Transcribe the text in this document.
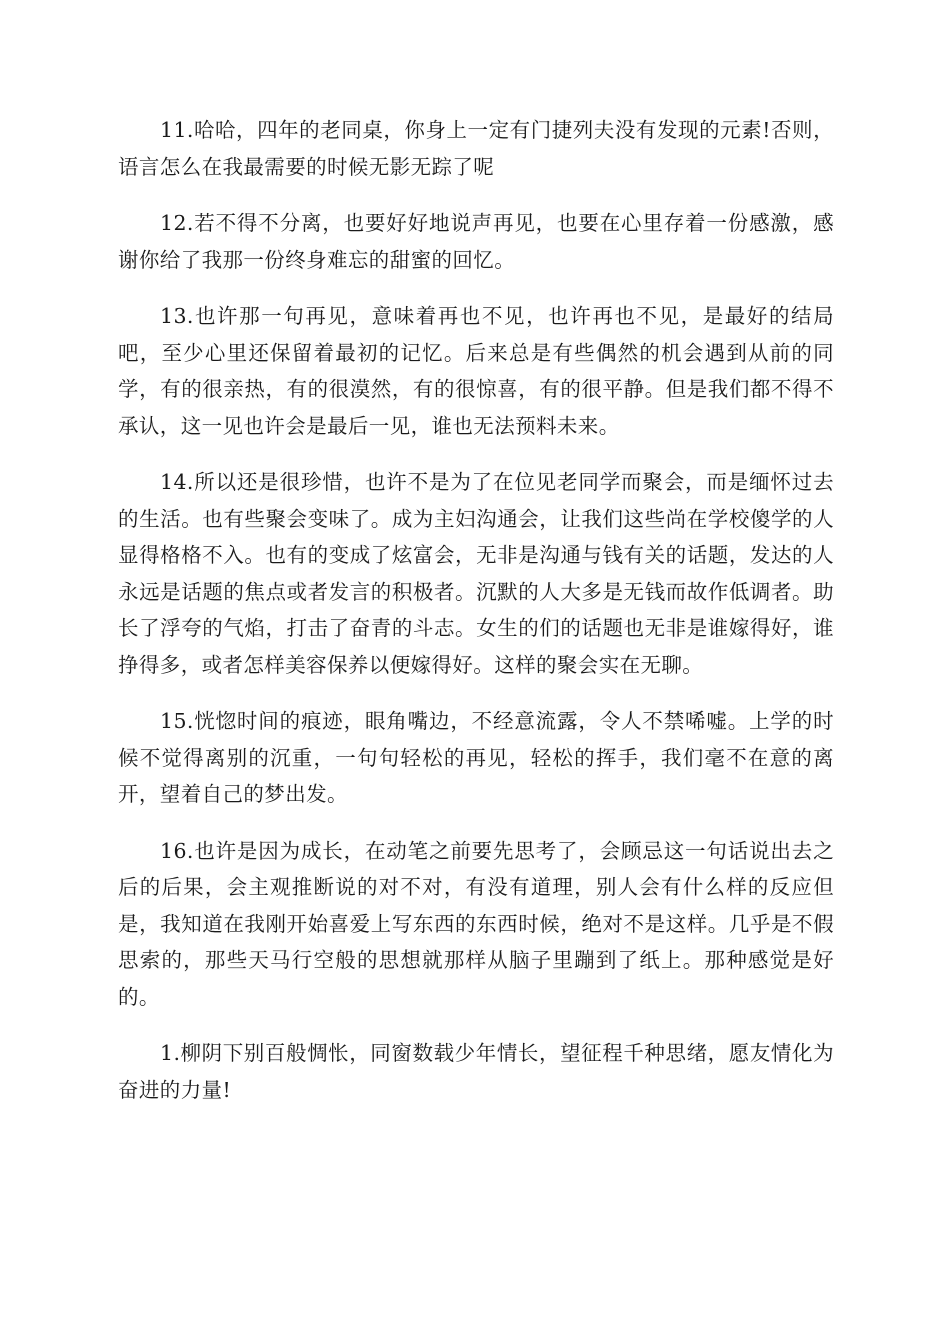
11.哈哈，四年的老同桌，你身上一定有门捷列夫没有发现的元素!否则，语言怎么在我最需要的时候无影无踪了呢

12.若不得不分离，也要好好地说声再见，也要在心里存着一份感激，感谢你给了我那一份终身难忘的甜蜜的回忆。

13.也许那一句再见，意味着再也不见，也许再也不见，是最好的结局吧，至少心里还保留着最初的记忆。后来总是有些偶然的机会遇到从前的同学，有的很亲热，有的很漠然，有的很惊喜，有的很平静。但是我们都不得不承认，这一见也许会是最后一见，谁也无法预料未来。

14.所以还是很珍惜，也许不是为了在位见老同学而聚会，而是缅怀过去的生活。也有些聚会变味了。成为主妇沟通会，让我们这些尚在学校傻学的人显得格格不入。也有的变成了炫富会，无非是沟通与钱有关的话题，发达的人永远是话题的焦点或者发言的积极者。沉默的人大多是无钱而故作低调者。助长了浮夸的气焰，打击了奋青的斗志。女生的们的话题也无非是谁嫁得好，谁挣得多，或者怎样美容保养以便嫁得好。这样的聚会实在无聊。

15.恍惚时间的痕迹，眼角嘴边，不经意流露，令人不禁唏嘘。上学的时候不觉得离别的沉重，一句句轻松的再见，轻松的挥手，我们毫不在意的离开，望着自己的梦出发。

16.也许是因为成长，在动笔之前要先思考了，会顾忌这一句话说出去之后的后果，会主观推断说的对不对，有没有道理，别人会有什么样的反应但是，我知道在我刚开始喜爱上写东西的东西时候，绝对不是这样。几乎是不假思索的，那些天马行空般的思想就那样从脑子里蹦到了纸上。那种感觉是好的。

1.柳阴下别百般惆怅，同窗数载少年情长，望征程千种思绪，愿友情化为奋进的力量!
